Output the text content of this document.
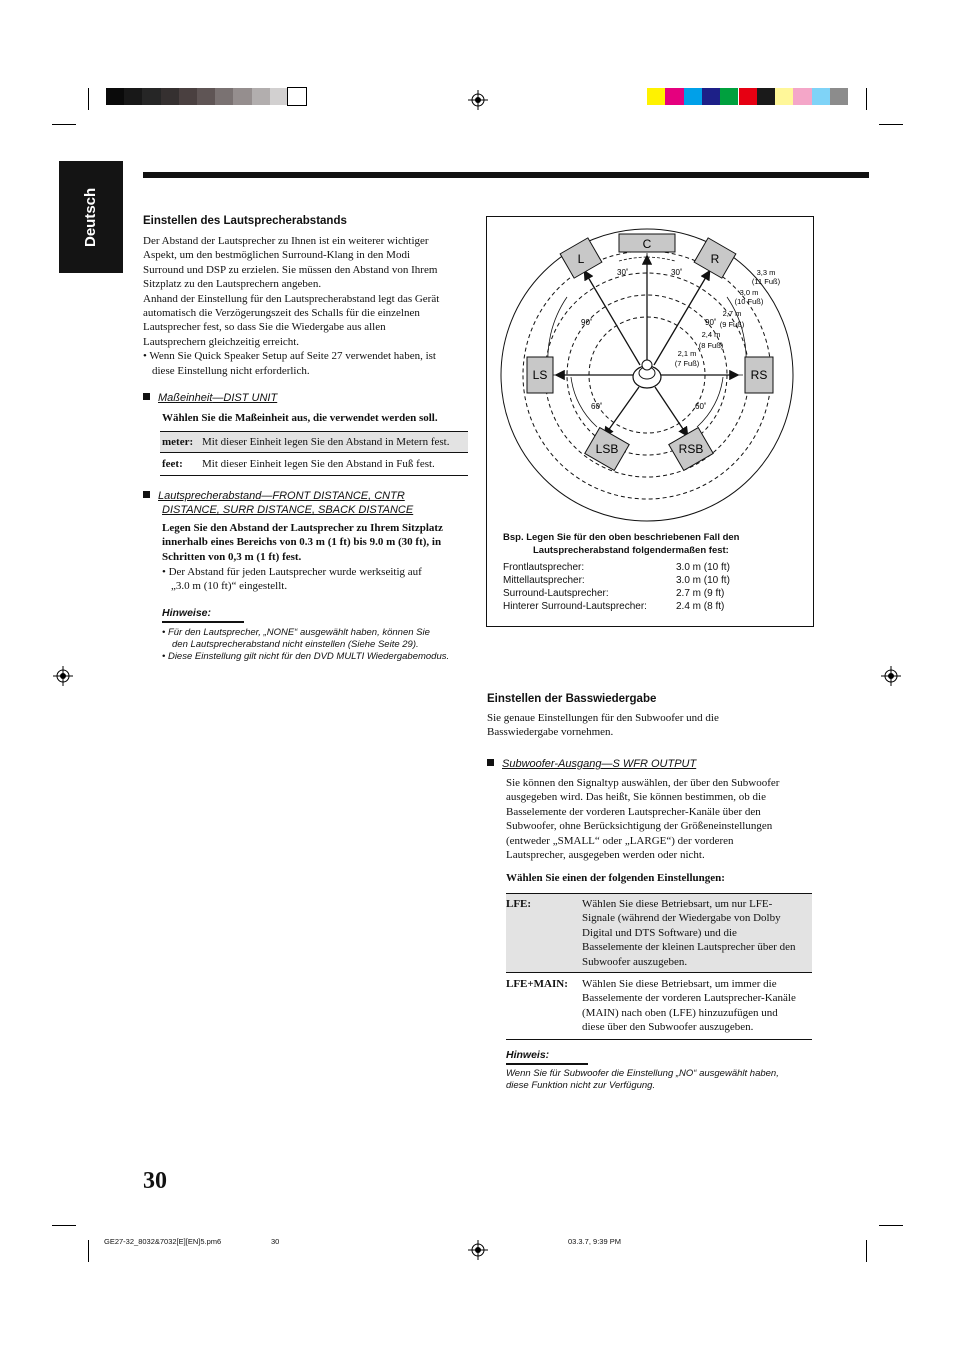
Deutsch	Einstellen des Lautsprecherabstands
Der Abstand der Lautsprecher zu Ihnen ist ein weiterer wichtiger
Aspekt, um den bestmöglichen Surround-Klang in den Modi
Surround und DSP zu erzielen. Sie müssen den Abstand von Ihrem
Sitzplatz zu den Lautsprechern angeben.
Anhand der Einstellung für den Lautsprecherabstand legt das Gerät
automatisch die Verzögerungszeit des Schalls für die einzelnen
Lautsprecher fest, so dass Sie die Wiedergabe aus allen
Lautsprechern gleichzeitig erreicht.
• Wenn Sie Quick Speaker Setup auf Seite 27 verwendet haben, ist
diese Einstellung nicht erforderlich.
Maßeinheit—DIST UNIT
Wählen Sie die Maßeinheit aus, die verwendet werden soll.
meter: Mit dieser Einheit legen Sie den Abstand in Metern fest.
feet:	Mit dieser Einheit legen Sie den Abstand in Fuß fest.
Lautsprecherabstand—FRONT DISTANCE, CNTR
DISTANCE, SURR DISTANCE, SBACK DISTANCE
Legen Sie den Abstand der Lautsprecher zu Ihrem Sitzplatz
innerhalb eines Bereichs von 0.3 m (1 ft) bis 9.0 m (30 ft), in
Schritten von 0,3 m (1 ft) fest.
• Der Abstand für jeden Lautsprecher wurde werkseitig auf
„3.0 m (10 ft)“ eingestellt.
Hinweise:
• Für den Lautsprecher, „NONE“ ausgewählt haben, können Sie
den Lautsprecherabstand nicht einstellen (Siehe Seite 29).
• Diese Einstellung gilt nicht für den DVD MULTI Wiedergabemodus.
C
L	R
LS	RS
LSB	RSB
30˚	30˚
90˚	90˚
60˚	60˚
3,3 m
(11 Fuß)
3,0 m
(10 Fuß)
2,7 m
(9 Fuß)
2,4 m
(8 Fuß)
2,1 m
(7 Fuß)
Bsp. Legen Sie für den oben beschriebenen Fall den
Lautsprecherabstand folgendermaßen fest:
Frontlautsprecher:	3.0 m (10 ft)
Mittellautsprecher:	3.0 m (10 ft)
Surround-Lautsprecher:	2.7 m (9 ft)
Hinterer Surround-Lautsprecher:	2.4 m (8 ft)
Einstellen der Basswiedergabe
Sie genaue Einstellungen für den Subwoofer und die
Basswiedergabe vornehmen.
Subwoofer-Ausgang—S WFR OUTPUT
Sie können den Signaltyp auswählen, der über den Subwoofer
ausgegeben wird. Das heißt, Sie können bestimmen, ob die
Basselemente der vorderen Lautsprecher-Kanäle über den
Subwoofer, ohne Berücksichtigung der Größeneinstellungen
(entweder „SMALL“ oder „LARGE“) der vorderen
Lautsprecher, ausgegeben werden oder nicht.
Wählen Sie einen der folgenden Einstellungen:
LFE:	Wählen Sie diese Betriebsart, um nur LFE-
Signale (während der Wiedergabe von Dolby
Digital und DTS Software) und die
Basselemente der kleinen Lautsprecher über den
Subwoofer auszugeben.
LFE+MAIN:	Wählen Sie diese Betriebsart, um immer die
Basselemente der vorderen Lautsprecher-Kanäle
(MAIN) nach oben (LFE) hinzuzufügen und
diese über den Subwoofer auszugeben.
Hinweis:
Wenn Sie für Subwoofer die Einstellung „NO“ ausgewählt haben,
diese Funktion nicht zur Verfügung.
30
GE27-32_8032&7032[E][EN]5.pm6	30	03.3.7, 9:39 PM
